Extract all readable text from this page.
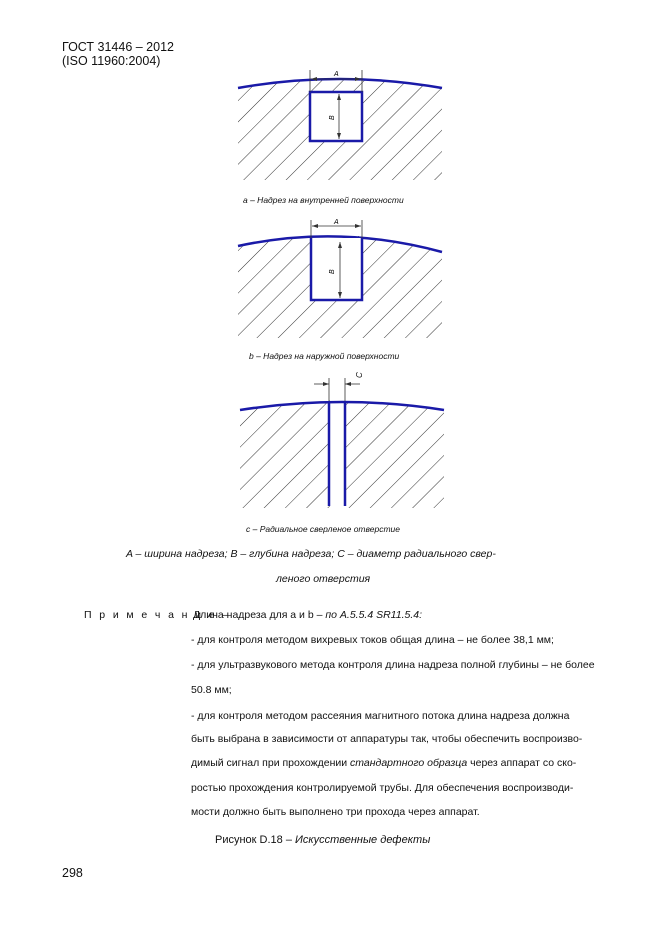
ГОСТ 31446 – 2012
(ISO 11960:2004)
A
B
a – Надрез на внутренней поверхности
A
B
b – Надрез на наружной поверхности
C
c – Радиальное сверленое отверстие
A – ширина надреза; B – глубина надреза; C – диаметр радиального свер-
леного отверстия
П р и м е ч а н и е –
Длина надреза для a и b – по A.5.5.4 SR11.5.4:
- для контроля методом вихревых токов общая длина – не более 38,1 мм;
- для ультразвукового метода контроля длина надреза полной глубины – не более
50.8 мм;
- для контроля методом рассеяния магнитного потока длина надреза должна
быть выбрана в зависимости от аппаратуры так, чтобы обеспечить воспроизво-
димый сигнал при прохождении стандартного образца через аппарат со ско-
ростью прохождения контролируемой трубы. Для обеспечения воспроизводи-
мости должно быть выполнено три прохода через аппарат.
Рисунок D.18 – Искусственные дефекты
298
